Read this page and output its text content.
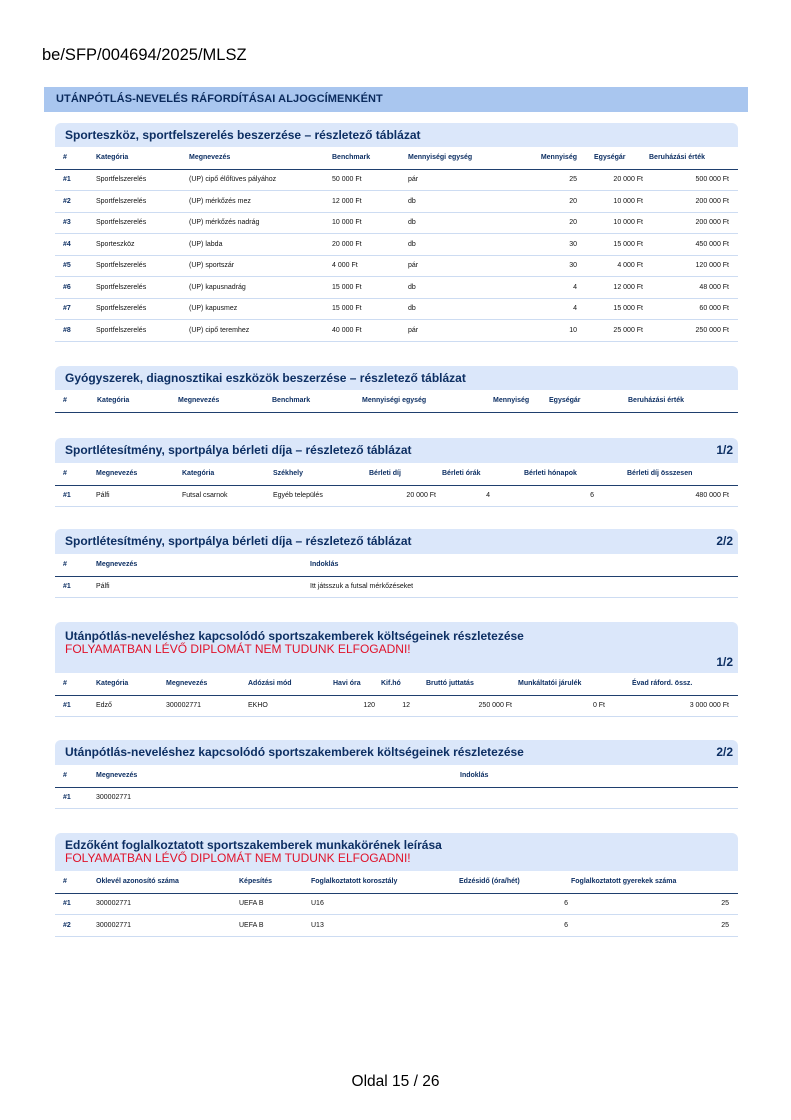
be/SFP/004694/2025/MLSZ
UTÁNPÓTLÁS-NEVELÉS RÁFORDÍTÁSAI ALJOGCÍMENKÉNT
Sporteszköz, sportfelszerelés beszerzése – részletező táblázat
#	Kategória	Megnevezés	Benchmark	Mennyiségi egység	Mennyiség	Egységár	Beruházási érték
#1	Sportfelszerelés	(UP) cipő élőfüves pályához	50 000 Ft	pár	25	20 000 Ft	500 000 Ft
#2	Sportfelszerelés	(UP) mérkőzés mez	12 000 Ft	db	20	10 000 Ft	200 000 Ft
#3	Sportfelszerelés	(UP) mérkőzés nadrág	10 000 Ft	db	20	10 000 Ft	200 000 Ft
#4	Sporteszköz	(UP) labda	20 000 Ft	db	30	15 000 Ft	450 000 Ft
#5	Sportfelszerelés	(UP) sportszár	4 000 Ft	pár	30	4 000 Ft	120 000 Ft
#6	Sportfelszerelés	(UP) kapusnadrág	15 000 Ft	db	4	12 000 Ft	48 000 Ft
#7	Sportfelszerelés	(UP) kapusmez	15 000 Ft	db	4	15 000 Ft	60 000 Ft
#8	Sportfelszerelés	(UP) cipő teremhez	40 000 Ft	pár	10	25 000 Ft	250 000 Ft
Gyógyszerek, diagnosztikai eszközök beszerzése – részletező táblázat
#	Kategória	Megnevezés	Benchmark	Mennyiségi egység	Mennyiség	Egységár	Beruházási érték
Sportlétesítmény, sportpálya bérleti díja – részletező táblázat	1/2
#	Megnevezés	Kategória	Székhely	Bérleti díj	Bérleti órák	Bérleti hónapok	Bérleti díj összesen
#1	Pálfi	Futsal csarnok	Egyéb település	20 000 Ft	4	6	480 000 Ft
Sportlétesítmény, sportpálya bérleti díja – részletező táblázat	2/2
#	Megnevezés	Indoklás
#1	Pálfi	Itt játsszuk a futsal mérkőzéseket
Utánpótlás-neveléshez kapcsolódó sportszakemberek költségeinek részletezése
FOLYAMATBAN LÉVŐ DIPLOMÁT NEM TUDUNK ELFOGADNI!
1/2
#	Kategória	Megnevezés	Adózási mód	Havi óra	Kif.hó	Bruttó juttatás	Munkáltatói járulék	Évad ráford. össz.
#1	Edző	300002771	EKHO	120	12	250 000 Ft	0 Ft	3 000 000 Ft
Utánpótlás-neveléshez kapcsolódó sportszakemberek költségeinek részletezése	2/2
#	Megnevezés	Indoklás
#1	300002771	
Edzőként foglalkoztatott sportszakemberek munkakörének leírása
FOLYAMATBAN LÉVŐ DIPLOMÁT NEM TUDUNK ELFOGADNI!
#	Oklevél azonosító száma	Képesítés	Foglalkoztatott korosztály	Edzésidő (óra/hét)	Foglalkoztatott gyerekek száma
#1	300002771	UEFA B	U16	6	25
#2	300002771	UEFA B	U13	6	25
Oldal 15 / 26
